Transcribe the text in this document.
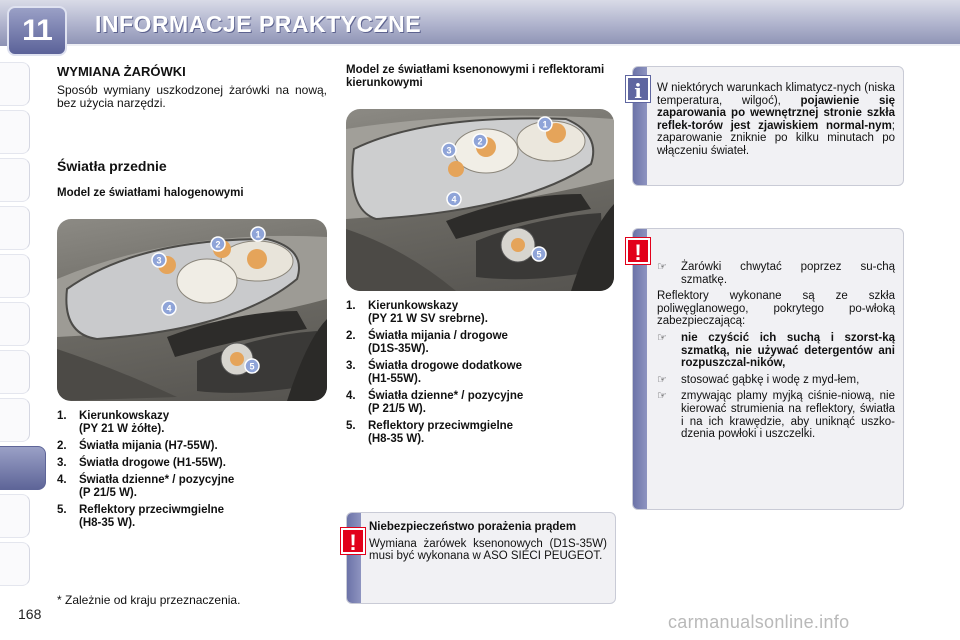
11	INFORMACJE PRAKTYCZNE
168
WYMIANA ŻARÓWKI
Sposób wymiany uszkodzonej żarówki na nową, bez użycia narzędzi.
Światła przednie
Model ze światłami halogenowymi
1
2
3
4
5
1.	Kierunkowskazy
(PY 21 W żółte).
2.	Światła mijania (H7-55W).
3.	Światła drogowe (H1-55W).
4.	Światła dzienne* / pozycyjne
(P 21/5 W).
5.	Reflektory przeciwmgielne
(H8-35 W).
* Zależnie od kraju przeznaczenia.
Model ze światłami ksenonowymi i reflektorami kierunkowymi
1
2
3
4
5
1.	Kierunkowskazy
(PY 21 W SV srebrne).
2.	Światła mijania / drogowe
(D1S-35W).
3.	Światła drogowe dodatkowe
(H1-55W).
4.	Światła dzienne* / pozycyjne
(P 21/5 W).
5.	Reflektory przeciwmgielne
(H8-35 W).
Niebezpieczeństwo porażenia prądem
Wymiana żarówek ksenonowych (D1S-35W) musi być wykonana w ASO SIECI PEUGEOT.
!
W niektórych warunkach klimatycz-nych (niska temperatura, wilgoć), pojawienie się zaparowania po wewnętrznej stronie szkła reflek-torów jest zjawiskiem normal-nym; zaparowanie zniknie po kilku minutach po włączeniu świateł.
i
☞	Żarówki chwytać poprzez su-chą szmatkę.
Reflektory wykonane są ze szkła poliwęglanowego, pokrytego po-włoką zabezpieczającą:
☞	nie czyścić ich suchą i szorst-ką szmatką, nie używać detergentów ani rozpuszczal-ników,
☞	stosować gąbkę i wodę z myd-łem,
☞	zmywając plamy myjką ciśnie-niową, nie kierować strumienia na reflektory, światła i na ich krawędzie, aby uniknąć uszko-dzenia powłoki i uszczelki.
!
carmanualsonline.info
